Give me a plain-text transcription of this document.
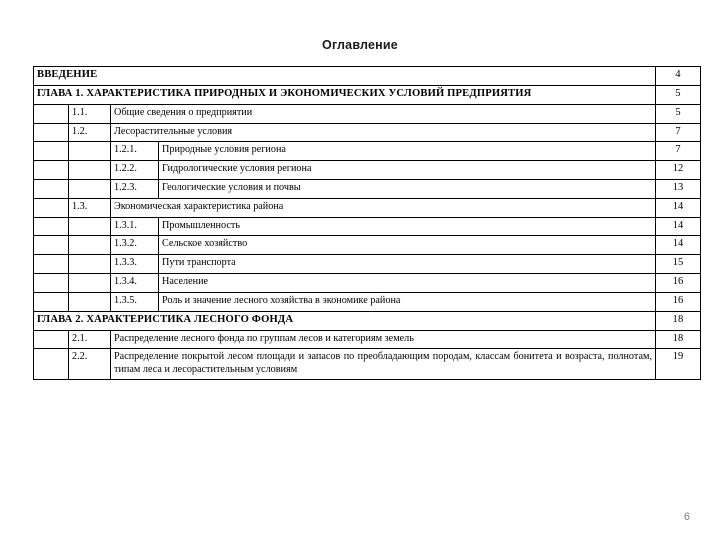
Оглавление
ВВЕДЕНИЕ				4
ГЛАВА 1. ХАРАКТЕРИСТИКА ПРИРОДНЫХ И ЭКОНОМИЧЕСКИХ УСЛОВИЙ ПРЕДПРИЯТИЯ				5
	1.1.	Общие сведения о предприятии		5
	1.2.	Лесорастительные условия		7
		1.2.1.	Природные условия региона	7
		1.2.2.	Гидрологические условия региона	12
		1.2.3.	Геологические условия и почвы	13
	1.3.	Экономическая характеристика района		14
		1.3.1.	Промышленность	14
		1.3.2.	Сельское хозяйство	14
		1.3.3.	Пути транспорта	15
		1.3.4.	Население	16
		1.3.5.	Роль и значение лесного хозяйства в экономике района	16
ГЛАВА 2. ХАРАКТЕРИСТИКА ЛЕСНОГО ФОНДА				18
	2.1.	Распределение лесного фонда по группам лесов и категориям земель		18
	2.2.	Распределение покрытой лесом площади и запасов по преобладающим породам, классам бонитета и возраста, полнотам, типам леса и лесорастительным условиям		19
6
